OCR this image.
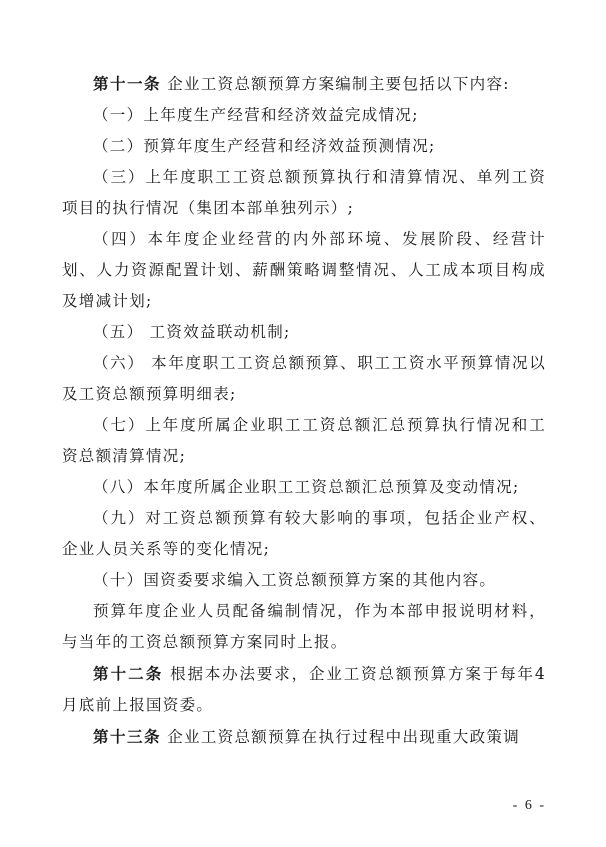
第十一条 企业工资总额预算方案编制主要包括以下内容:

（一）上年度生产经营和经济效益完成情况;

（二）预算年度生产经营和经济效益预测情况;

（三）上年度职工工资总额预算执行和清算情况、单列工资项目的执行情况（集团本部单独列示）;

（四）本年度企业经营的内外部环境、发展阶段、经营计划、人力资源配置计划、薪酬策略调整情况、人工成本项目构成及增减计划;

（五） 工资效益联动机制;

（六） 本年度职工工资总额预算、职工工资水平预算情况以及工资总额预算明细表;

（七）上年度所属企业职工工资总额汇总预算执行情况和工资总额清算情况;

（八）本年度所属企业职工工资总额汇总预算及变动情况;

（九）对工资总额预算有较大影响的事项，包括企业产权、企业人员关系等的变化情况;

（十）国资委要求编入工资总额预算方案的其他内容。

预算年度企业人员配备编制情况，作为本部申报说明材料，与当年的工资总额预算方案同时上报。

第十二条 根据本办法要求，企业工资总额预算方案于每年4月底前上报国资委。

第十三条 企业工资总额预算在执行过程中出现重大政策调

- 6 -
